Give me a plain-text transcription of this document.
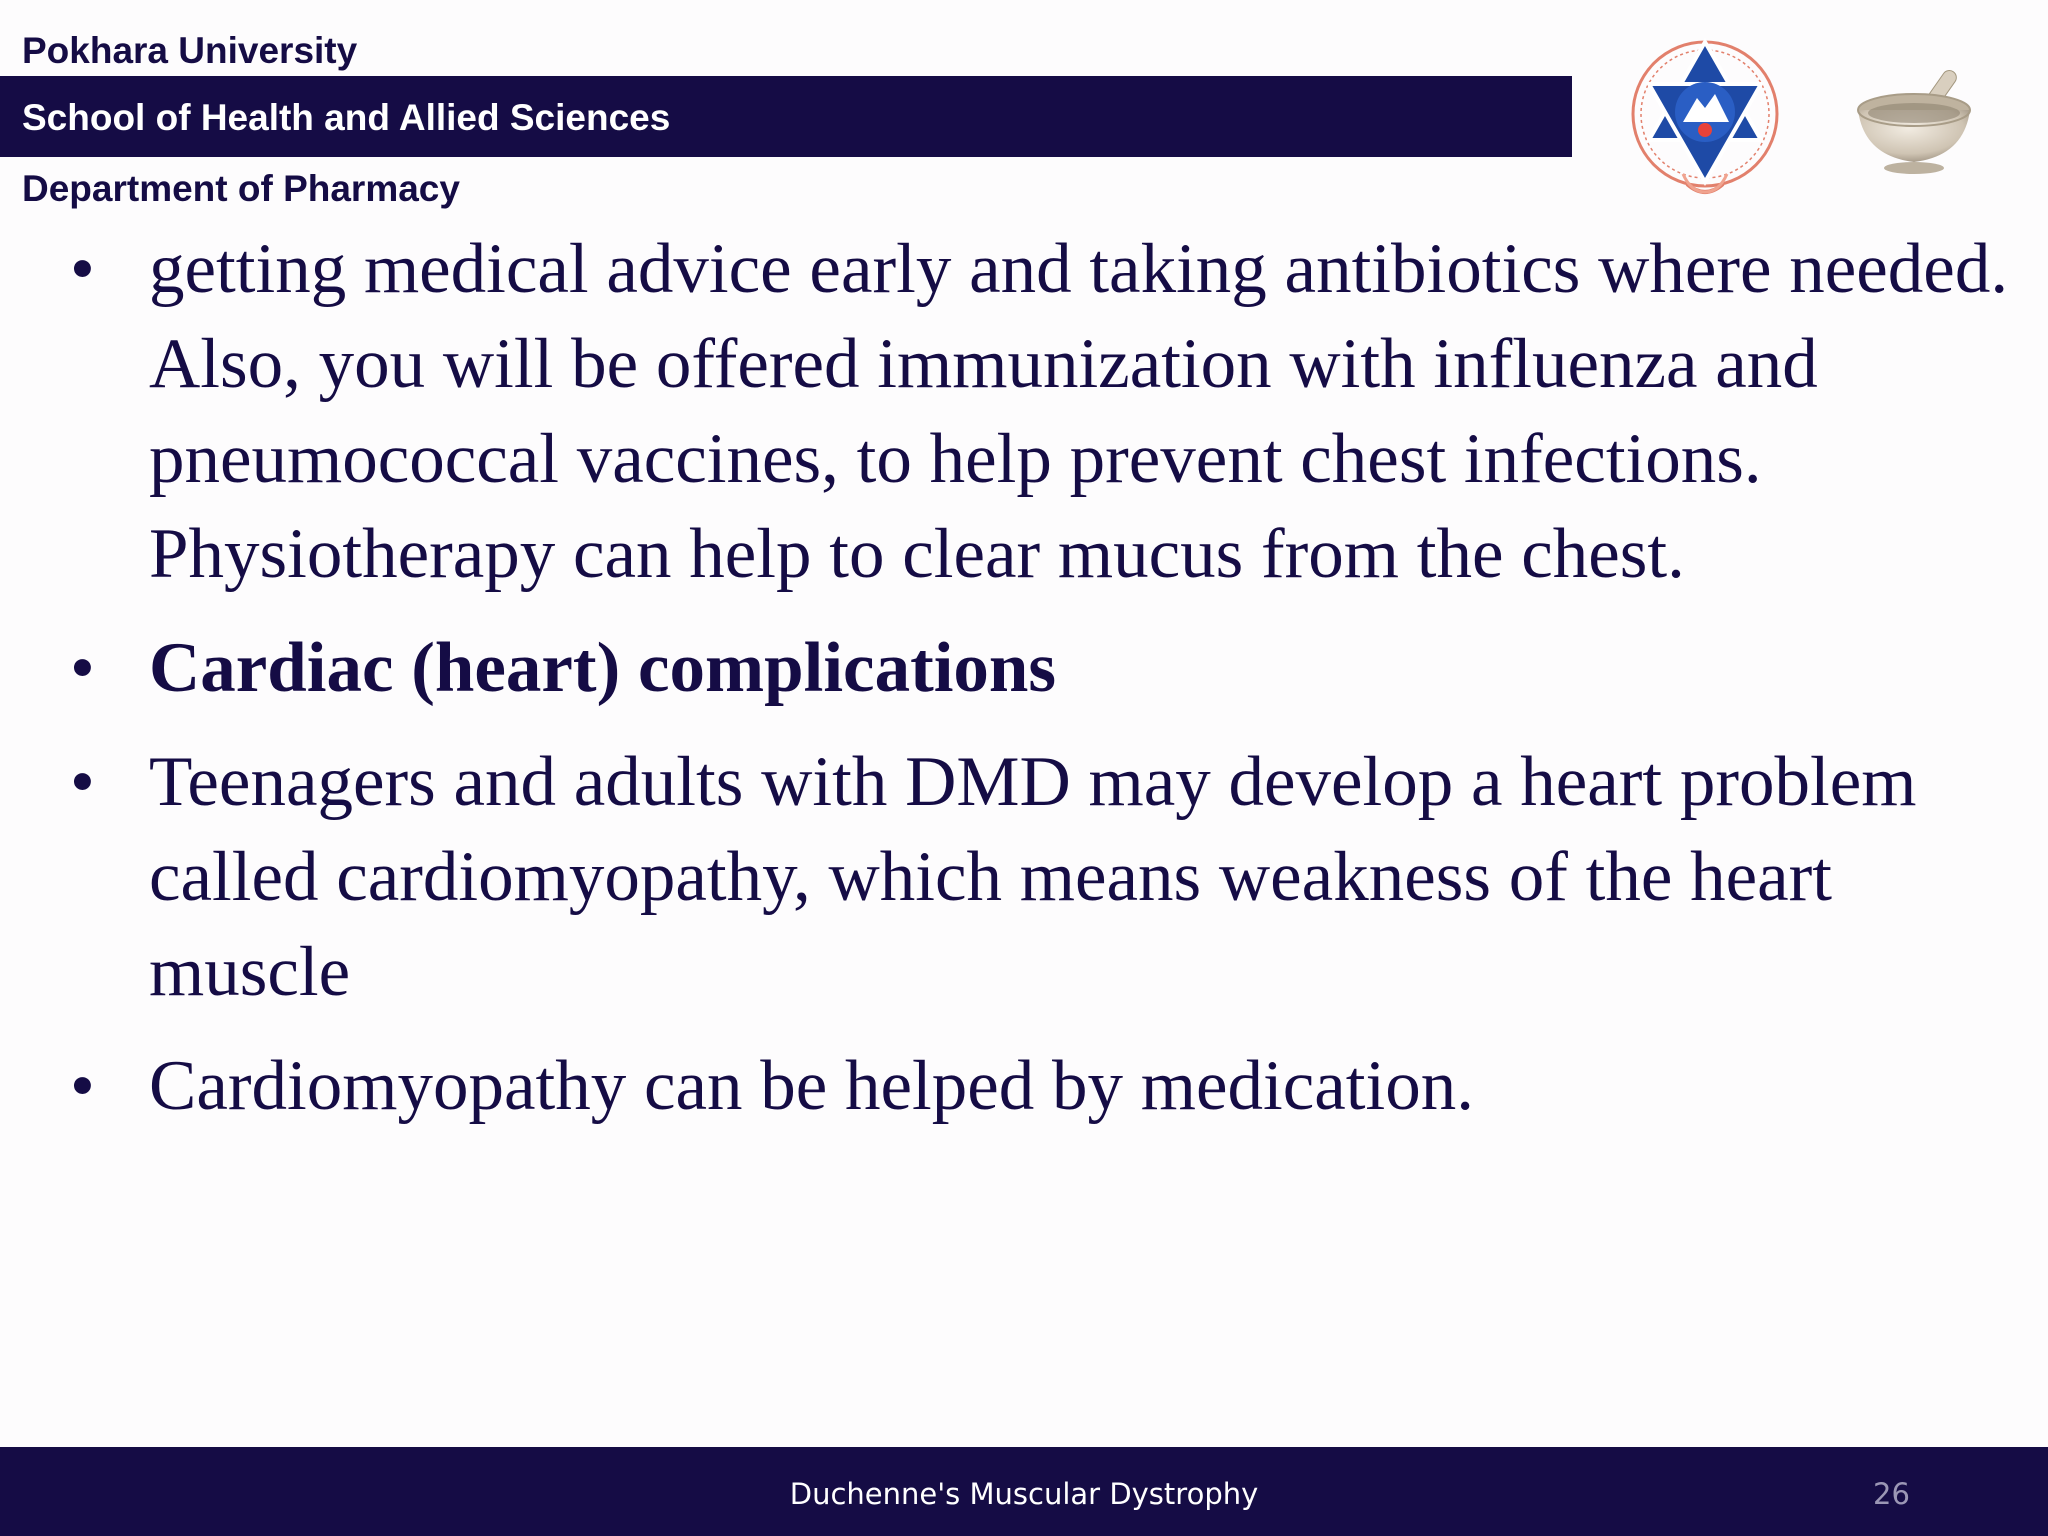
Pokhara University
School of Health and Allied Sciences
Department of Pharmacy
• getting medical advice early and taking antibiotics where needed. Also, you will be offered immunization with influenza and pneumococcal vaccines, to help prevent chest infections. Physiotherapy can help to clear mucus from the chest.
• Cardiac (heart) complications
• Teenagers and adults with DMD may develop a heart problem called cardiomyopathy, which means weakness of the heart muscle
• Cardiomyopathy can be helped by medication.
Duchenne's Muscular Dystrophy	26
